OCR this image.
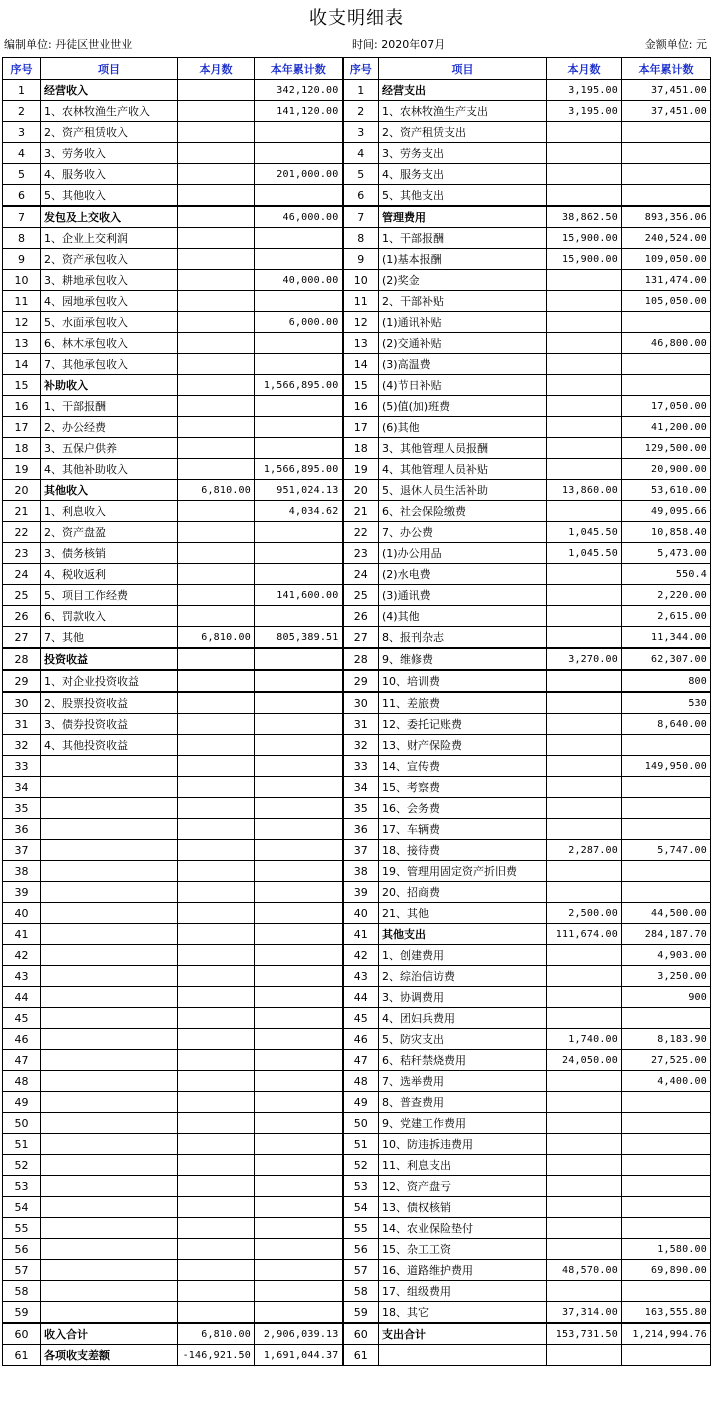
收支明细表
编制单位: 丹徒区世业世业	时间: 2020年07月	金额单位: 元
序号	项目	本月数	本年累计数	序号	项目	本月数	本年累计数
1	经营收入		342,120.00	1	经营支出	3,195.00	37,451.00
2	1、农林牧渔生产收入		141,120.00	2	1、农林牧渔生产支出	3,195.00	37,451.00
3	2、资产租赁收入			3	2、资产租赁支出		
4	3、劳务收入			4	3、劳务支出		
5	4、服务收入		201,000.00	5	4、服务支出		
6	5、其他收入			6	5、其他支出		
7	发包及上交收入		46,000.00	7	管理费用	38,862.50	893,356.06
8	1、企业上交利润			8	1、干部报酬	15,900.00	240,524.00
9	2、资产承包收入			9	(1)基本报酬	15,900.00	109,050.00
10	3、耕地承包收入		40,000.00	10	(2)奖金		131,474.00
11	4、园地承包收入			11	2、干部补贴		105,050.00
12	5、水面承包收入		6,000.00	12	(1)通讯补贴		
13	6、林木承包收入			13	(2)交通补贴		46,800.00
14	7、其他承包收入			14	(3)高温费		
15	补助收入		1,566,895.00	15	(4)节日补贴		
16	1、干部报酬			16	(5)值(加)班费		17,050.00
17	2、办公经费			17	(6)其他		41,200.00
18	3、五保户供养			18	3、其他管理人员报酬		129,500.00
19	4、其他补助收入		1,566,895.00	19	4、其他管理人员补贴		20,900.00
20	其他收入	6,810.00	951,024.13	20	5、退休人员生活补助	13,860.00	53,610.00
21	1、利息收入		4,034.62	21	6、社会保险缴费		49,095.66
22	2、资产盘盈			22	7、办公费	1,045.50	10,858.40
23	3、债务核销			23	(1)办公用品	1,045.50	5,473.00
24	4、税收返利			24	(2)水电费		550.4
25	5、项目工作经费		141,600.00	25	(3)通讯费		2,220.00
26	6、罚款收入			26	(4)其他		2,615.00
27	7、其他	6,810.00	805,389.51	27	8、报刊杂志		11,344.00
28	投资收益			28	9、维修费	3,270.00	62,307.00
29	1、对企业投资收益			29	10、培训费		800
30	2、股票投资收益			30	11、差旅费		530
31	3、债券投资收益			31	12、委托记账费		8,640.00
32	4、其他投资收益			32	13、财产保险费		
33				33	14、宣传费		149,950.00
34				34	15、考察费		
35				35	16、会务费		
36				36	17、车辆费		
37				37	18、接待费	2,287.00	5,747.00
38				38	19、管理用固定资产折旧费		
39				39	20、招商费		
40				40	21、其他	2,500.00	44,500.00
41				41	其他支出	111,674.00	284,187.70
42				42	1、创建费用		4,903.00
43				43	2、综治信访费		3,250.00
44				44	3、协调费用		900
45				45	4、团妇兵费用		
46				46	5、防灾支出	1,740.00	8,183.90
47				47	6、秸秆禁烧费用	24,050.00	27,525.00
48				48	7、选举费用		4,400.00
49				49	8、普查费用		
50				50	9、党建工作费用		
51				51	10、防违拆违费用		
52				52	11、利息支出		
53				53	12、资产盘亏		
54				54	13、债权核销		
55				55	14、农业保险垫付		
56				56	15、杂工工资		1,580.00
57				57	16、道路维护费用	48,570.00	69,890.00
58				58	17、组级费用		
59				59	18、其它	37,314.00	163,555.80
60	收入合计	6,810.00	2,906,039.13	60	支出合计	153,731.50	1,214,994.76
61	各项收支差额	-146,921.50	1,691,044.37	61			
